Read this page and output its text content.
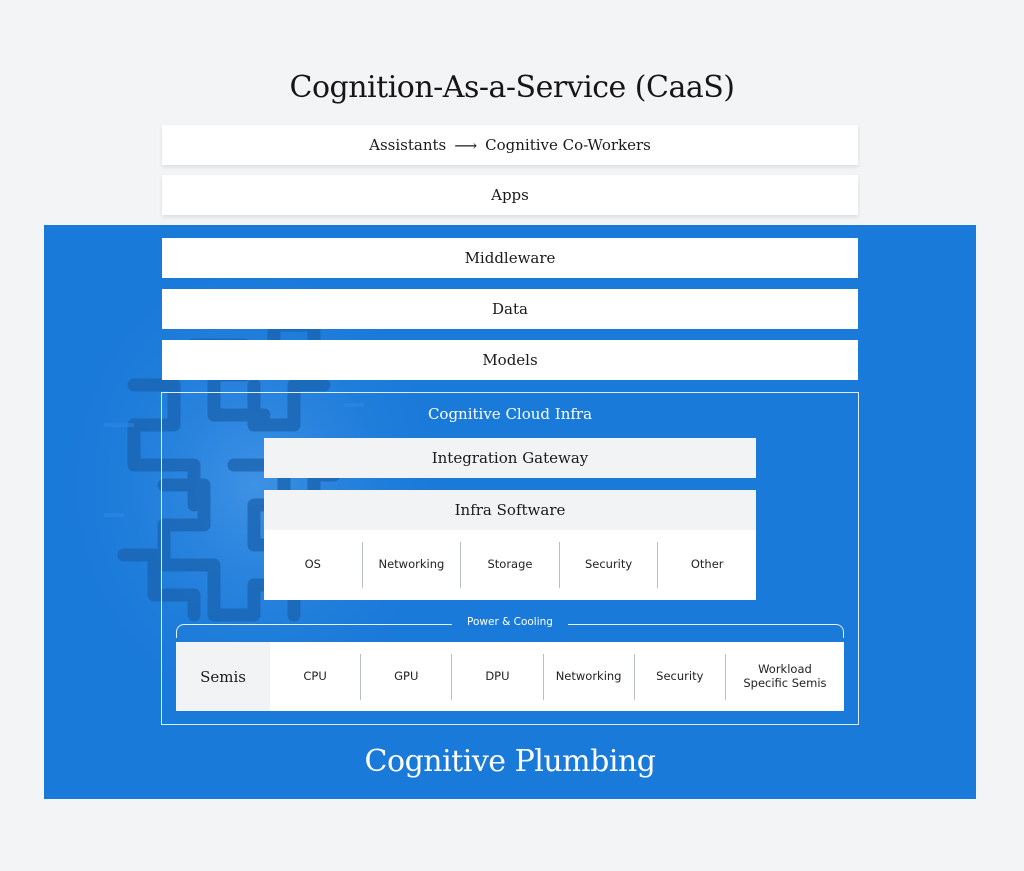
Cognition-As-a-Service (CaaS)
Assistants ⟶ Cognitive Co-Workers
Apps
Middleware
Data
Models
Cognitive Cloud Infra
Integration Gateway
Infra Software
OS	Networking	Storage	Security	Other
Power & Cooling
Semis	CPU	GPU	DPU	Networking	Security	Workload Specific Semis
Cognitive Plumbing
